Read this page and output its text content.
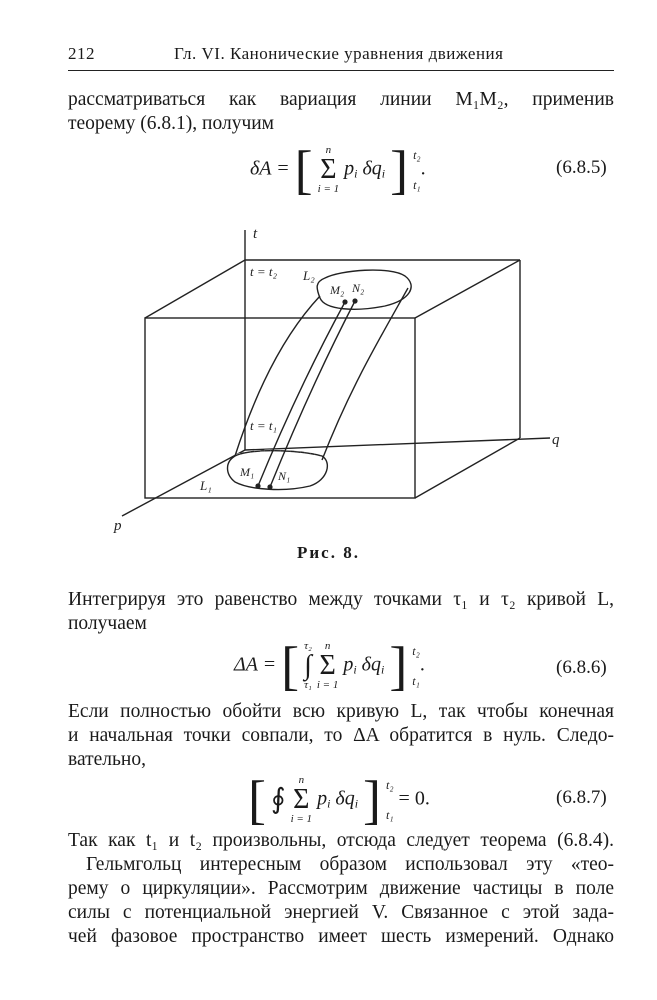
212	Гл. VI. Канонические уравнения движения
рассматриваться как вариация линии M₁M₂, применив
теорему (6.8.1), получим
δA = [	n
Σ
i = 1
$p_i$ $\delta q_i$ ] t₂
t₁
.	(6.8.5)
t
q
p
t = t₂
t = t₁
L₂
L₁
M₂ N₂
M₁ N₁
Рис. 8.
Интегрируя это равенство между точками τ₁ и τ₂ кривой L,
получаем
ΔA = [ τ₂
∫
τ₁

n
Σ
i = 1
$p_i$ $\delta q_i$ ] t₂
t₁
.	(6.8.6)
Если полностью обойти всю кривую L, так чтобы конечная
и начальная точки совпали, то ΔA обратится в нуль. Следо-
вательно,
[ ∮

n
Σ
i = 1
$p_i$ $\delta q_i$ ] t₂
t₁
= 0.	(6.8.7)
Так как t₁ и t₂ произвольны, отсюда следует теорема (6.8.4).
Гельмгольц интересным образом использовал эту «тео-
рему о циркуляции». Рассмотрим движение частицы в поле
силы с потенциальной энергией V. Связанное с этой зада-
чей фазовое пространство имеет шесть измерений. Однако
